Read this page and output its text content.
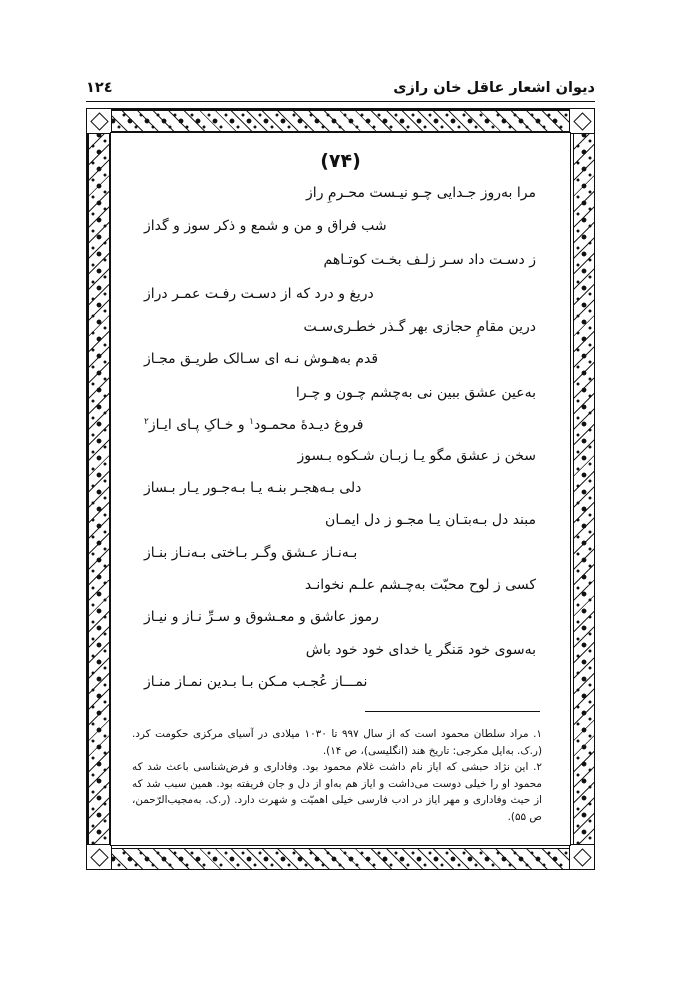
دیوان اشعار عاقل خان رازی
١٢٤
(٧۴)
مرا به‌روز جـدایی چـو نیـست محـرمِ راز
شب فراق و من و شمع و ذکر سوز و گداز
ز دسـت داد سـر زلـف بخـت کوتـاهم
دریغ و درد که از دسـت رفـت عمـر دراز
درین مقامِ حجازی بهر گـذر خطـری‌سـت
قدم به‌هـوش نـه ای سـالک طریـق مجـاز
به‌عین عشق ببین نی به‌چشم چـون و چـرا
فروغ دیـدۀ محمـود$^١$ و خـاکِ پـای ایـاز$^٢$
سخن ز عشق مگو یـا زبـان شـکوه بـسوز
دلی بـه‌هجـر بنـه یـا بـه‌جـور یـار بـساز
مبند دل بـه‌بتـان یـا مجـو ز دل ایمـان
بـه‌نـاز عـشق وگـر بـاختی بـه‌نـاز بنـاز
کسی ز لوح محبّت به‌چـشم علـم نخوانـد
رموز عاشق و معـشوق و سـرِّ نـاز و نیـاز
به‌سوی خود مَنگر یا خدای خود خود باش
نمـــاز عُجـب مـکن بـا بـدین نمـاز منـاز

١. مراد سلطان محمود است که از سال ٩٩٧ تا ١٠٣٠ میلادی در آسیای مرکزی حکومت کرد. (ر.ک. به‌ایل مکرجی: تاریخ هند (انگلیسی)، ص ١۴).

٢. این نژاد حبشی که ایاز نام داشت غلام محمود بود. وفاداری و فرض‌شناسی باعث شد که محمود او را خیلی دوست می‌داشت و ایاز هم به‌او از دل و جان فریفته بود. همین سبب شد که از حیث وفاداری و مهر ایاز در ادب فارسی خیلی اهمیّت و شهرت دارد. (ر.ک. به‌مجیب‌الرّحمن، ص ۵۵).
